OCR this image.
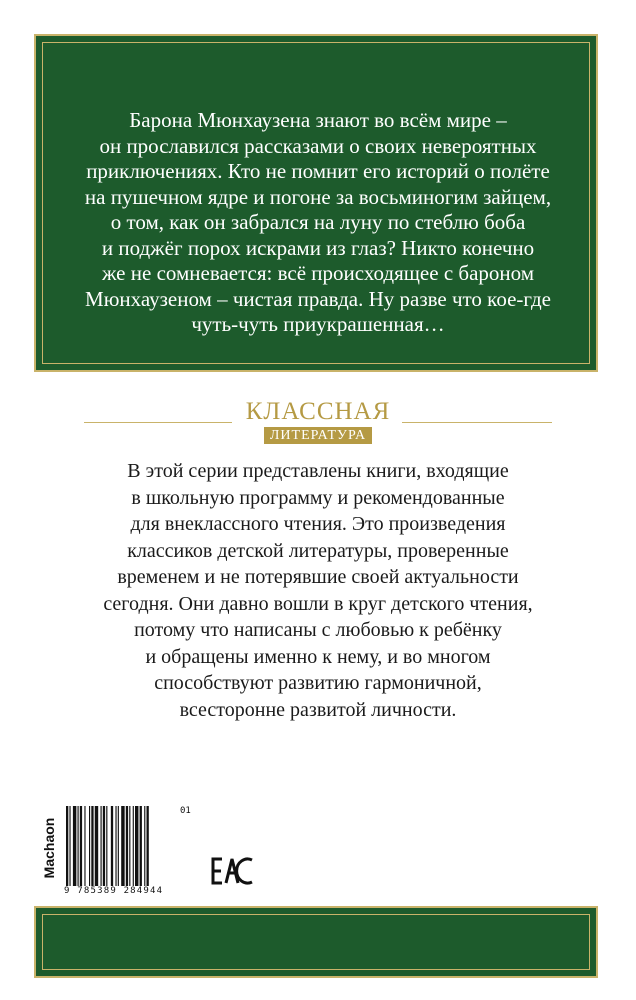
Барона Мюнхаузена знают во всём мире –
он прославился рассказами о своих невероятных
приключениях. Кто не помнит его историй о полёте
на пушечном ядре и погоне за восьминогим зайцем,
о том, как он забрался на луну по стеблю боба
и поджёг порох искрами из глаз? Никто конечно
же не сомневается: всё происходящее с бароном
Мюнхаузеном – чистая правда. Ну разве что кое-где
чуть-чуть приукрашенная…

КЛАССНАЯ
ЛИТЕРАТУРА

В этой серии представлены книги, входящие
в школьную программу и рекомендованные
для внеклассного чтения. Это произведения
классиков детской литературы, проверенные
временем и не потерявшие своей актуальности
сегодня. Они давно вошли в круг детского чтения,
потому что написаны с любовью к ребёнку
и обращены именно к нему, и во многом
способствуют развитию гармоничной,
всесторонне развитой личности.

Machaon
9 785389 284944
01
